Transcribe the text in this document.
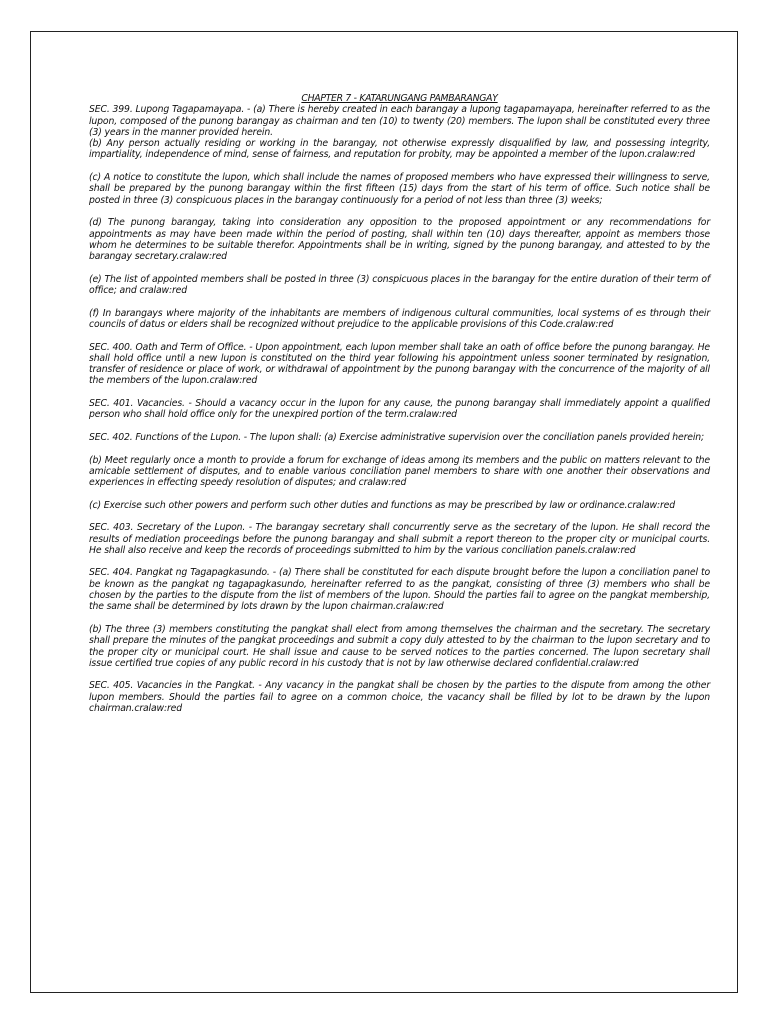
CHAPTER 7 - KATARUNGANG PAMBARANGAY

SEC. 399. Lupong Tagapamayapa. - (a) There is hereby created in each barangay a lupong tagapamayapa, hereinafter referred to as the lupon, composed of the punong barangay as chairman and ten (10) to twenty (20) members. The lupon shall be constituted every three (3) years in the manner provided herein.

(b) Any person actually residing or working in the barangay, not otherwise expressly disqualified by law, and possessing integrity, impartiality, independence of mind, sense of fairness, and reputation for probity, may be appointed a member of the lupon.cralaw:red

(c) A notice to constitute the lupon, which shall include the names of proposed members who have expressed their willingness to serve, shall be prepared by the punong barangay within the first fifteen (15) days from the start of his term of office. Such notice shall be posted in three (3) conspicuous places in the barangay continuously for a period of not less than three (3) weeks;

(d) The punong barangay, taking into consideration any opposition to the proposed appointment or any recommendations for appointments as may have been made within the period of posting, shall within ten (10) days thereafter, appoint as members those whom he determines to be suitable therefor. Appointments shall be in writing, signed by the punong barangay, and attested to by the barangay secretary.cralaw:red

(e) The list of appointed members shall be posted in three (3) conspicuous places in the barangay for the entire duration of their term of office; and cralaw:red

(f) In barangays where majority of the inhabitants are members of indigenous cultural communities, local systems of es through their councils of datus or elders shall be recognized without prejudice to the applicable provisions of this Code.cralaw:red

SEC. 400. Oath and Term of Office. - Upon appointment, each lupon member shall take an oath of office before the punong barangay. He shall hold office until a new lupon is constituted on the third year following his appointment unless sooner terminated by resignation, transfer of residence or place of work, or withdrawal of appointment by the punong barangay with the concurrence of the majority of all the members of the lupon.cralaw:red

SEC. 401. Vacancies. - Should a vacancy occur in the lupon for any cause, the punong barangay shall immediately appoint a qualified person who shall hold office only for the unexpired portion of the term.cralaw:red

SEC. 402. Functions of the Lupon. - The lupon shall: (a) Exercise administrative supervision over the conciliation panels provided herein;

(b) Meet regularly once a month to provide a forum for exchange of ideas among its members and the public on matters relevant to the amicable settlement of disputes, and to enable various conciliation panel members to share with one another their observations and experiences in effecting speedy resolution of disputes; and cralaw:red

(c) Exercise such other powers and perform such other duties and functions as may be prescribed by law or ordinance.cralaw:red

SEC. 403. Secretary of the Lupon. - The barangay secretary shall concurrently serve as the secretary of the lupon. He shall record the results of mediation proceedings before the punong barangay and shall submit a report thereon to the proper city or municipal courts. He shall also receive and keep the records of proceedings submitted to him by the various conciliation panels.cralaw:red

SEC. 404. Pangkat ng Tagapagkasundo. - (a) There shall be constituted for each dispute brought before the lupon a conciliation panel to be known as the pangkat ng tagapagkasundo, hereinafter referred to as the pangkat, consisting of three (3) members who shall be chosen by the parties to the dispute from the list of members of the lupon. Should the parties fail to agree on the pangkat membership, the same shall be determined by lots drawn by the lupon chairman.cralaw:red

(b) The three (3) members constituting the pangkat shall elect from among themselves the chairman and the secretary. The secretary shall prepare the minutes of the pangkat proceedings and submit a copy duly attested to by the chairman to the lupon secretary and to the proper city or municipal court. He shall issue and cause to be served notices to the parties concerned. The lupon secretary shall issue certified true copies of any public record in his custody that is not by law otherwise declared confidential.cralaw:red

SEC. 405. Vacancies in the Pangkat. - Any vacancy in the pangkat shall be chosen by the parties to the dispute from among the other lupon members. Should the parties fail to agree on a common choice, the vacancy shall be filled by lot to be drawn by the lupon chairman.cralaw:red
